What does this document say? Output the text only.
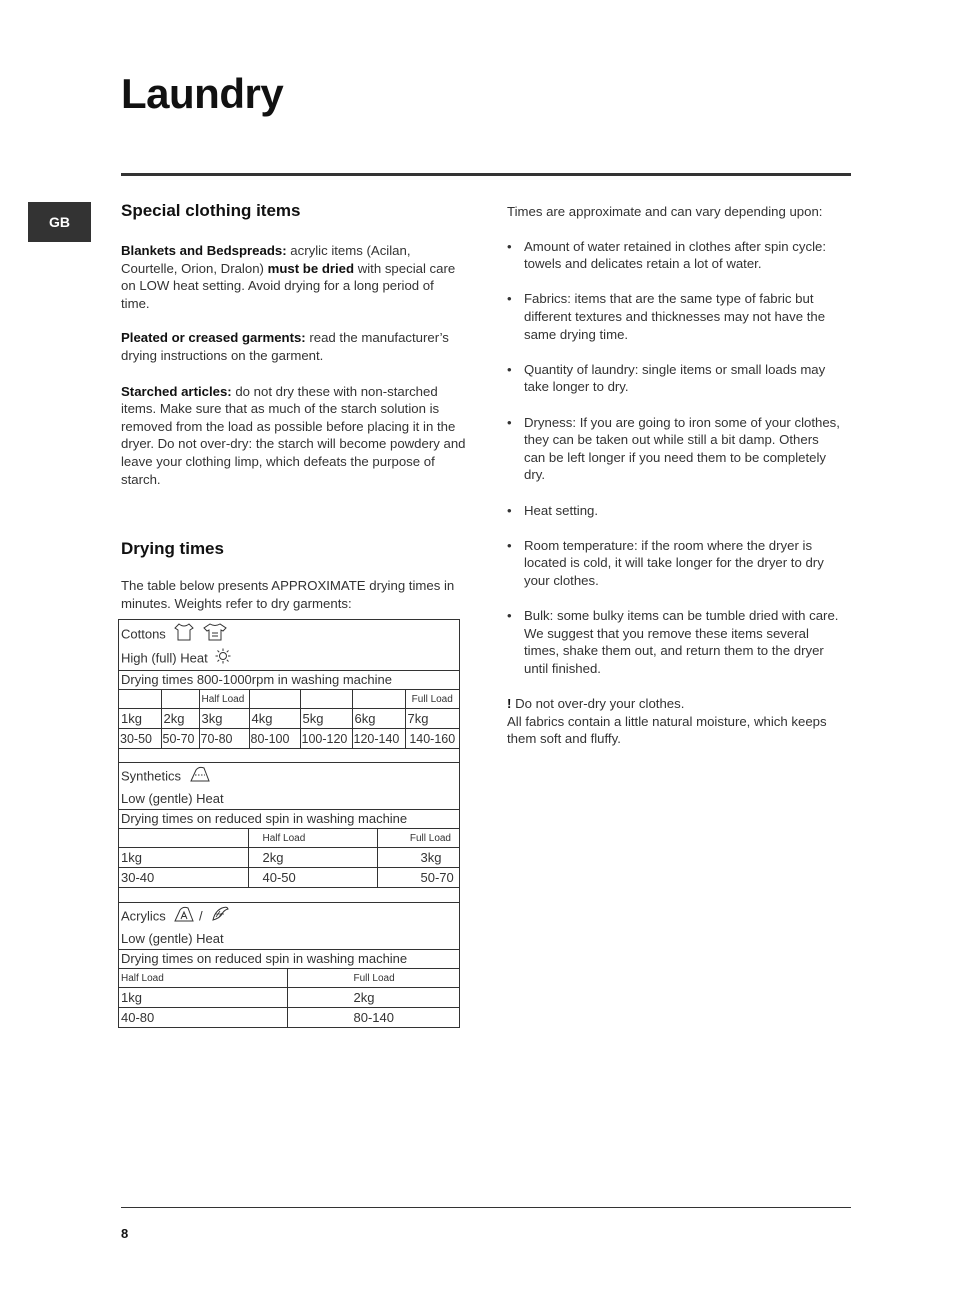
Laundry
GB
Special clothing items

Blankets and Bedspreads: acrylic items (Acilan, Courtelle, Orion, Dralon) must be dried with special care on LOW heat setting. Avoid drying for a long period of time.

Pleated or creased garments: read the manufacturer’s drying instructions on the garment.

Starched articles: do not dry these with non-starched items. Make sure that as much of the starch solution is removed from the load as possible before placing it in the dryer. Do not over-dry: the starch will become powdery and leave your clothing limp, which defeats the purpose of starch.

Drying times

The table below presents APPROXIMATE drying times in minutes. Weights refer to dry garments:

Cottons
High (full) Heat
Drying times 800-1000rpm in washing machine
		Half Load				Full Load
1kg	2kg	3kg	4kg	5kg	6kg	7kg
30-50	50-70	70-80	80-100	100-120	120-140	140-160
Synthetics
Low (gentle) Heat
Drying times on reduced spin in washing machine
	Half Load	Full Load
1kg	2kg	3kg
30-40	40-50	50-70
Acrylics  /
Low (gentle) Heat
Drying times on reduced spin in washing machine
Half Load	Full Load
1kg	2kg
40-80	80-140

Times are approximate and can vary depending upon:

• Amount of water retained in clothes after spin cycle: towels and delicates retain a lot of water.
• Fabrics: items that are the same type of fabric but different textures and thicknesses may not have the same drying time.
• Quantity of laundry: single items or small loads may take longer to dry.
• Dryness: If you are going to iron some of your clothes, they can be taken out while still a bit damp. Others can be left longer if you need them to be completely dry.
• Heat setting.
• Room temperature: if the room where the dryer is located is cold, it will take longer for the dryer to dry your clothes.
• Bulk: some bulky items can be tumble dried with care. We suggest that you remove these items several times, shake them out, and return them to the dryer until finished.

! Do not over-dry your clothes.

All fabrics contain a little natural moisture, which keeps them soft and fluffy.

8
